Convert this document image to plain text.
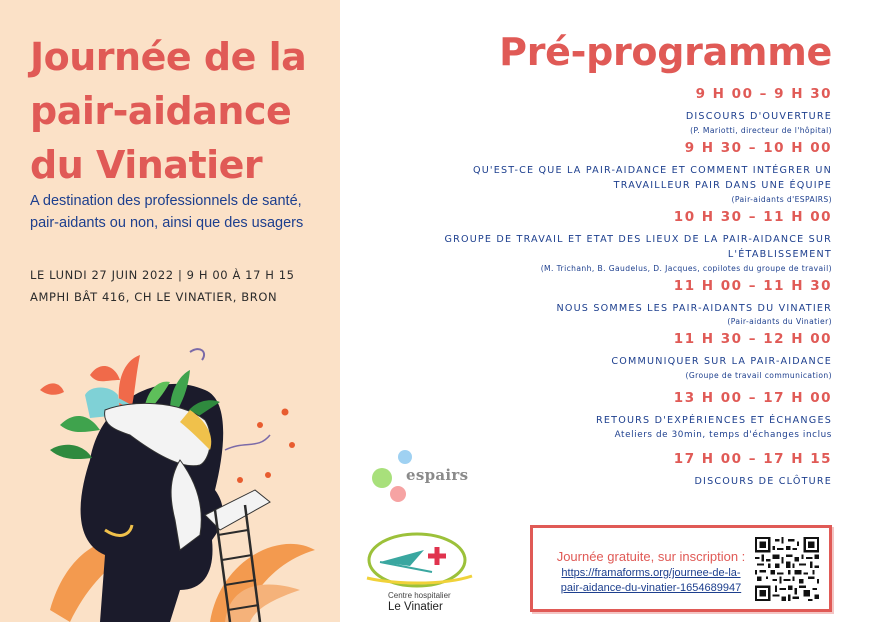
Journée de la
pair-aidance
du Vinatier
A destination des professionnels de santé,
pair-aidants ou non, ainsi que des usagers
LE LUNDI 27 JUIN 2022 | 9 H 00 À 17 H 15
AMPHI BÂT 416, CH LE VINATIER, BRON
espairs
Centre hospitalier
Le Vinatier
Pré-programme
9 H 00 – 9 H 30
DISCOURS D'OUVERTURE
(P. Mariotti, directeur de l'hôpital)
9 H 30 – 10 H 00
QU'EST-CE QUE LA PAIR-AIDANCE ET COMMENT INTÉGRER UN
TRAVAILLEUR PAIR DANS UNE ÉQUIPE
(Pair-aidants d'ESPAIRS)
10 H 30 – 11 H 00
GROUPE DE TRAVAIL ET ETAT DES LIEUX DE LA PAIR-AIDANCE SUR
L'ÉTABLISSEMENT
(M. Trichanh, B. Gaudelus, D. Jacques, copilotes du groupe de travail)
11 H 00 – 11 H 30
NOUS SOMMES LES PAIR-AIDANTS DU VINATIER
(Pair-aidants du Vinatier)
11 H 30 – 12 H 00
COMMUNIQUER SUR LA PAIR-AIDANCE
(Groupe de travail communication)
13 H 00 – 17 H 00
RETOURS D'EXPÉRIENCES ET ÉCHANGES
Ateliers de 30min, temps d'échanges inclus
17 H 00 – 17 H 15
DISCOURS DE CLÔTURE
Journée gratuite, sur inscription :
https://framaforms.org/journee-de-la-
pair-aidance-du-vinatier-1654689947
